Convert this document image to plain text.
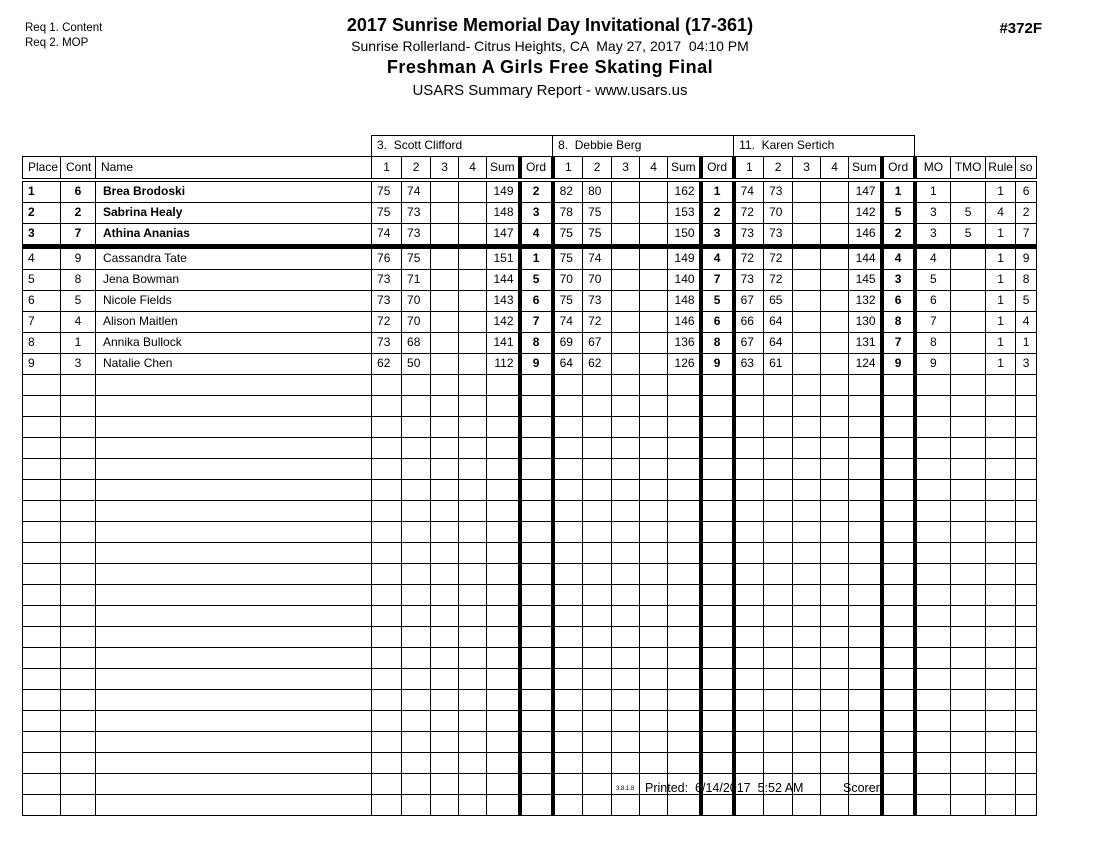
Req 1. Content
Req 2. MOP
2017 Sunrise Memorial Day Invitational (17-361)
Sunrise Rollerland- Citrus Heights, CA  May 27, 2017  04:10 PM
Freshman A Girls Free Skating Final
USARS Summary Report - www.usars.us
#372F
			3.  Scott Clifford						8.  Debbie Berg						11.  Karen Sertich									
Place	Cont	Name	1	2	3	4	Sum	Ord	1	2	3	4	Sum	Ord	1	2	3	4	Sum	Ord	MO	TMO	Rule	so
1	6	Brea Brodoski	75	74			149	2	82	80			162	1	74	73			147	1	1		1	6
2	2	Sabrina Healy	75	73			148	3	78	75			153	2	72	70			142	5	3	5	4	2
3	7	Athina Ananias	74	73			147	4	75	75			150	3	73	73			146	2	3	5	1	7
4	9	Cassandra Tate	76	75			151	1	75	74			149	4	72	72			144	4	4		1	9
5	8	Jena Bowman	73	71			144	5	70	70			140	7	73	72			145	3	5		1	8
6	5	Nicole Fields	73	70			143	6	75	73			148	5	67	65			132	6	6		1	5
7	4	Alison Maitlen	72	70			142	7	74	72			146	6	66	64			130	8	7		1	4
8	1	Annika Bullock	73	68			141	8	69	67			136	8	67	64			131	7	8		1	1
9	3	Natalie Chen	62	50			112	9	64	62			126	9	63	61			124	9	9		1	3

3.8.1.8 Printed:  6/14/2017  5:52 AM	Scorer:
